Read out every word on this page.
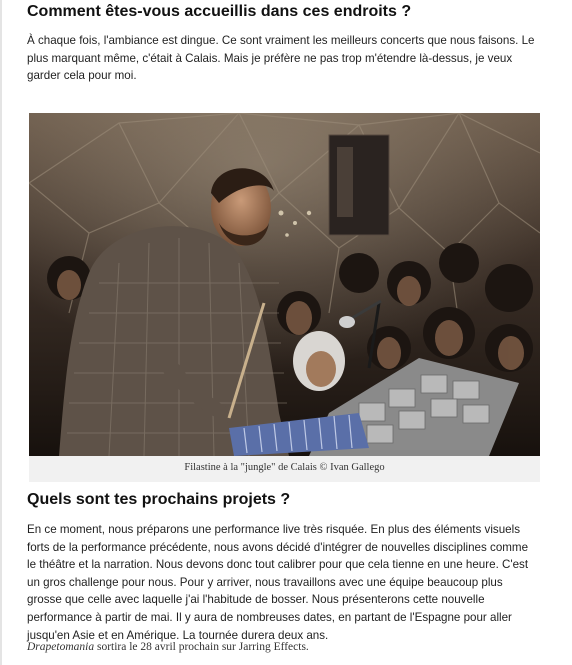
Comment êtes-vous accueillis dans ces endroits ?

À chaque fois, l'ambiance est dingue. Ce sont vraiment les meilleurs concerts que nous faisons. Le plus marquant même, c'était à Calais. Mais je préfère ne pas trop m'étendre là-dessus, je veux garder cela pour moi.

Filastine à la "jungle" de Calais © Ivan Gallego
Quels sont tes prochains projets ?

En ce moment, nous préparons une performance live très risquée. En plus des éléments visuels forts de la performance précédente, nous avons décidé d'intégrer de nouvelles disciplines comme le théâtre et la narration. Nous devons donc tout calibrer pour que cela tienne en une heure. C'est un gros challenge pour nous. Pour y arriver, nous travaillons avec une équipe beaucoup plus grosse que celle avec laquelle j'ai l'habitude de bosser. Nous présenterons cette nouvelle performance à partir de mai. Il y aura de nombreuses dates, en partant de l'Espagne pour aller jusqu'en Asie et en Amérique. La tournée durera deux ans.

Drapetomania sortira le 28 avril prochain sur Jarring Effects.
